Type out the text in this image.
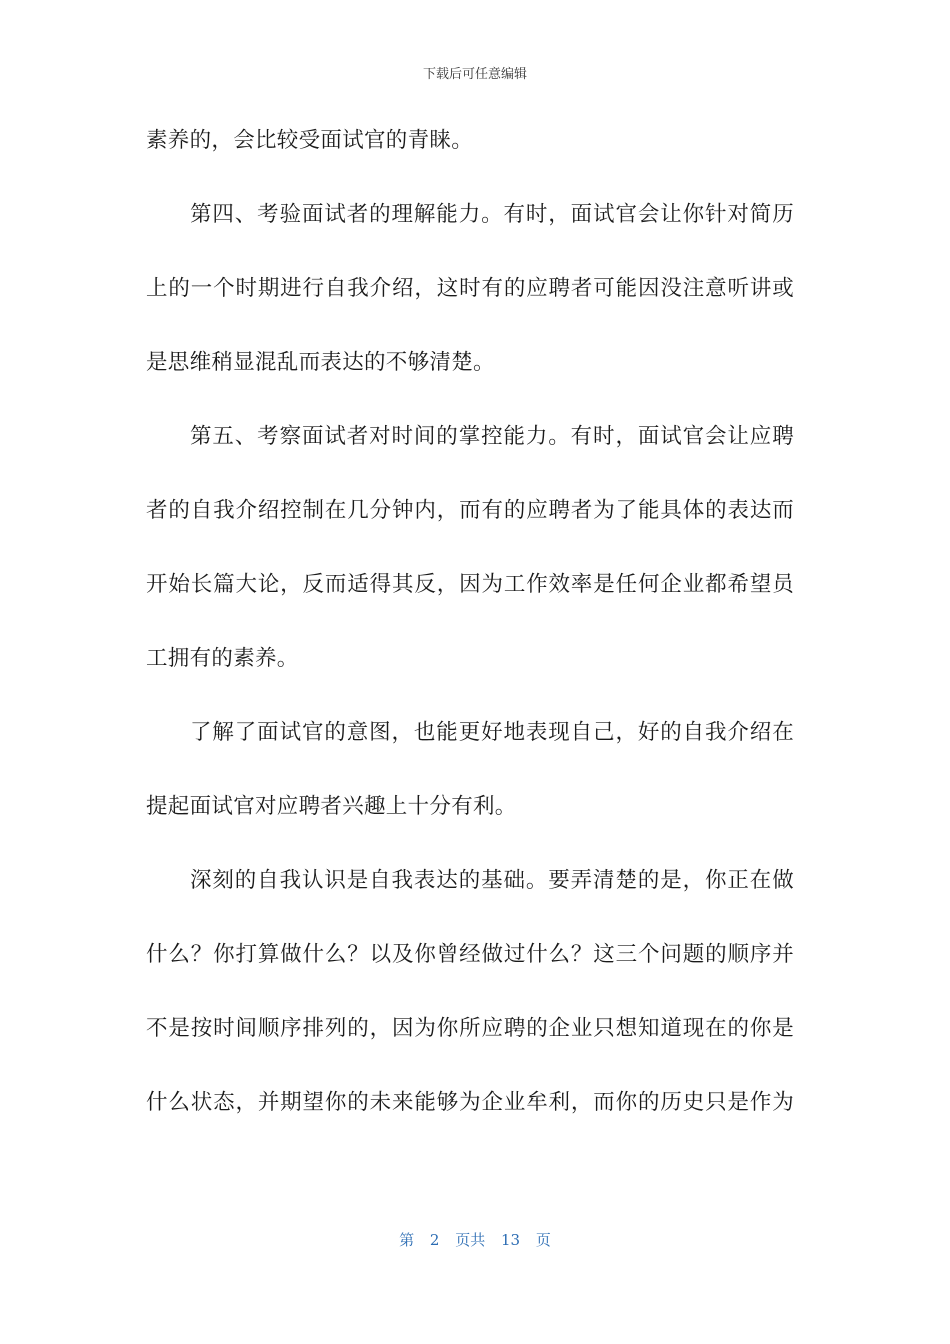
下载后可任意编辑
素养的，会比较受面试官的青睐。
第四、考验面试者的理解能力。有时，面试官会让你针对简历
上的一个时期进行自我介绍，这时有的应聘者可能因没注意听讲或
是思维稍显混乱而表达的不够清楚。
第五、考察面试者对时间的掌控能力。有时，面试官会让应聘
者的自我介绍控制在几分钟内，而有的应聘者为了能具体的表达而
开始长篇大论，反而适得其反，因为工作效率是任何企业都希望员
工拥有的素养。
了解了面试官的意图，也能更好地表现自己，好的自我介绍在
提起面试官对应聘者兴趣上十分有利。
深刻的自我认识是自我表达的基础。要弄清楚的是，你正在做
什么？你打算做什么？以及你曾经做过什么？这三个问题的顺序并
不是按时间顺序排列的，因为你所应聘的企业只想知道现在的你是
什么状态，并期望你的未来能够为企业牟利，而你的历史只是作为
第 2 页共 13 页
